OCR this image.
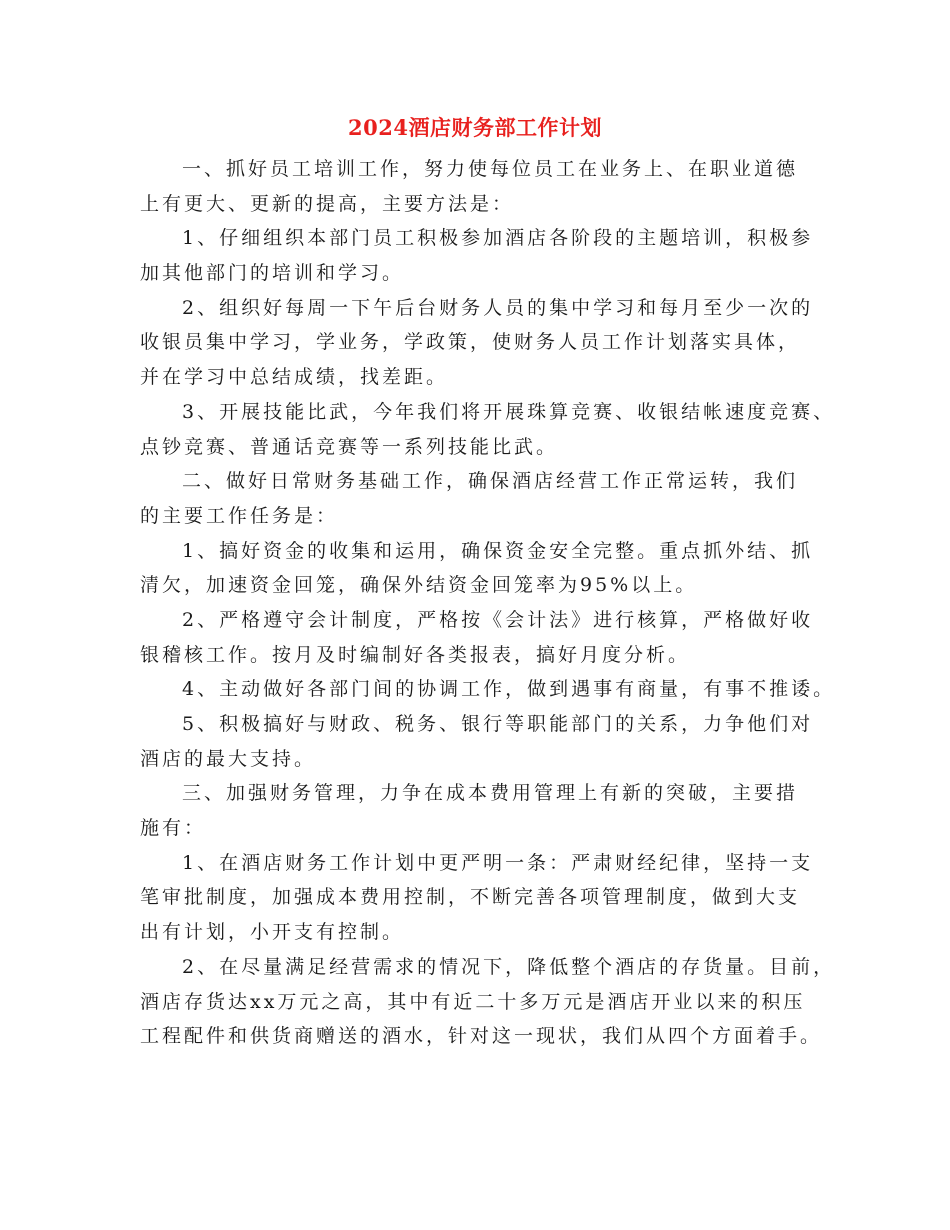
2024酒店财务部工作计划
一、抓好员工培训工作，努力使每位员工在业务上、在职业道德
上有更大、更新的提高，主要方法是：
1、仔细组织本部门员工积极参加酒店各阶段的主题培训，积极参
加其他部门的培训和学习。
2、组织好每周一下午后台财务人员的集中学习和每月至少一次的
收银员集中学习，学业务，学政策，使财务人员工作计划落实具体，
并在学习中总结成绩，找差距。
3、开展技能比武，今年我们将开展珠算竞赛、收银结帐速度竞赛、
点钞竞赛、普通话竞赛等一系列技能比武。
二、做好日常财务基础工作，确保酒店经营工作正常运转，我们
的主要工作任务是：
1、搞好资金的收集和运用，确保资金安全完整。重点抓外结、抓
清欠，加速资金回笼，确保外结资金回笼率为95%以上。
2、严格遵守会计制度，严格按《会计法》进行核算，严格做好收
银稽核工作。按月及时编制好各类报表，搞好月度分析。
4、主动做好各部门间的协调工作，做到遇事有商量，有事不推诿。
5、积极搞好与财政、税务、银行等职能部门的关系，力争他们对
酒店的最大支持。
三、加强财务管理，力争在成本费用管理上有新的突破，主要措
施有：
1、在酒店财务工作计划中更严明一条：严肃财经纪律，坚持一支
笔审批制度，加强成本费用控制，不断完善各项管理制度，做到大支
出有计划，小开支有控制。
2、在尽量满足经营需求的情况下，降低整个酒店的存货量。目前，
酒店存货达xx万元之高，其中有近二十多万元是酒店开业以来的积压
工程配件和供货商赠送的酒水，针对这一现状，我们从四个方面着手。
